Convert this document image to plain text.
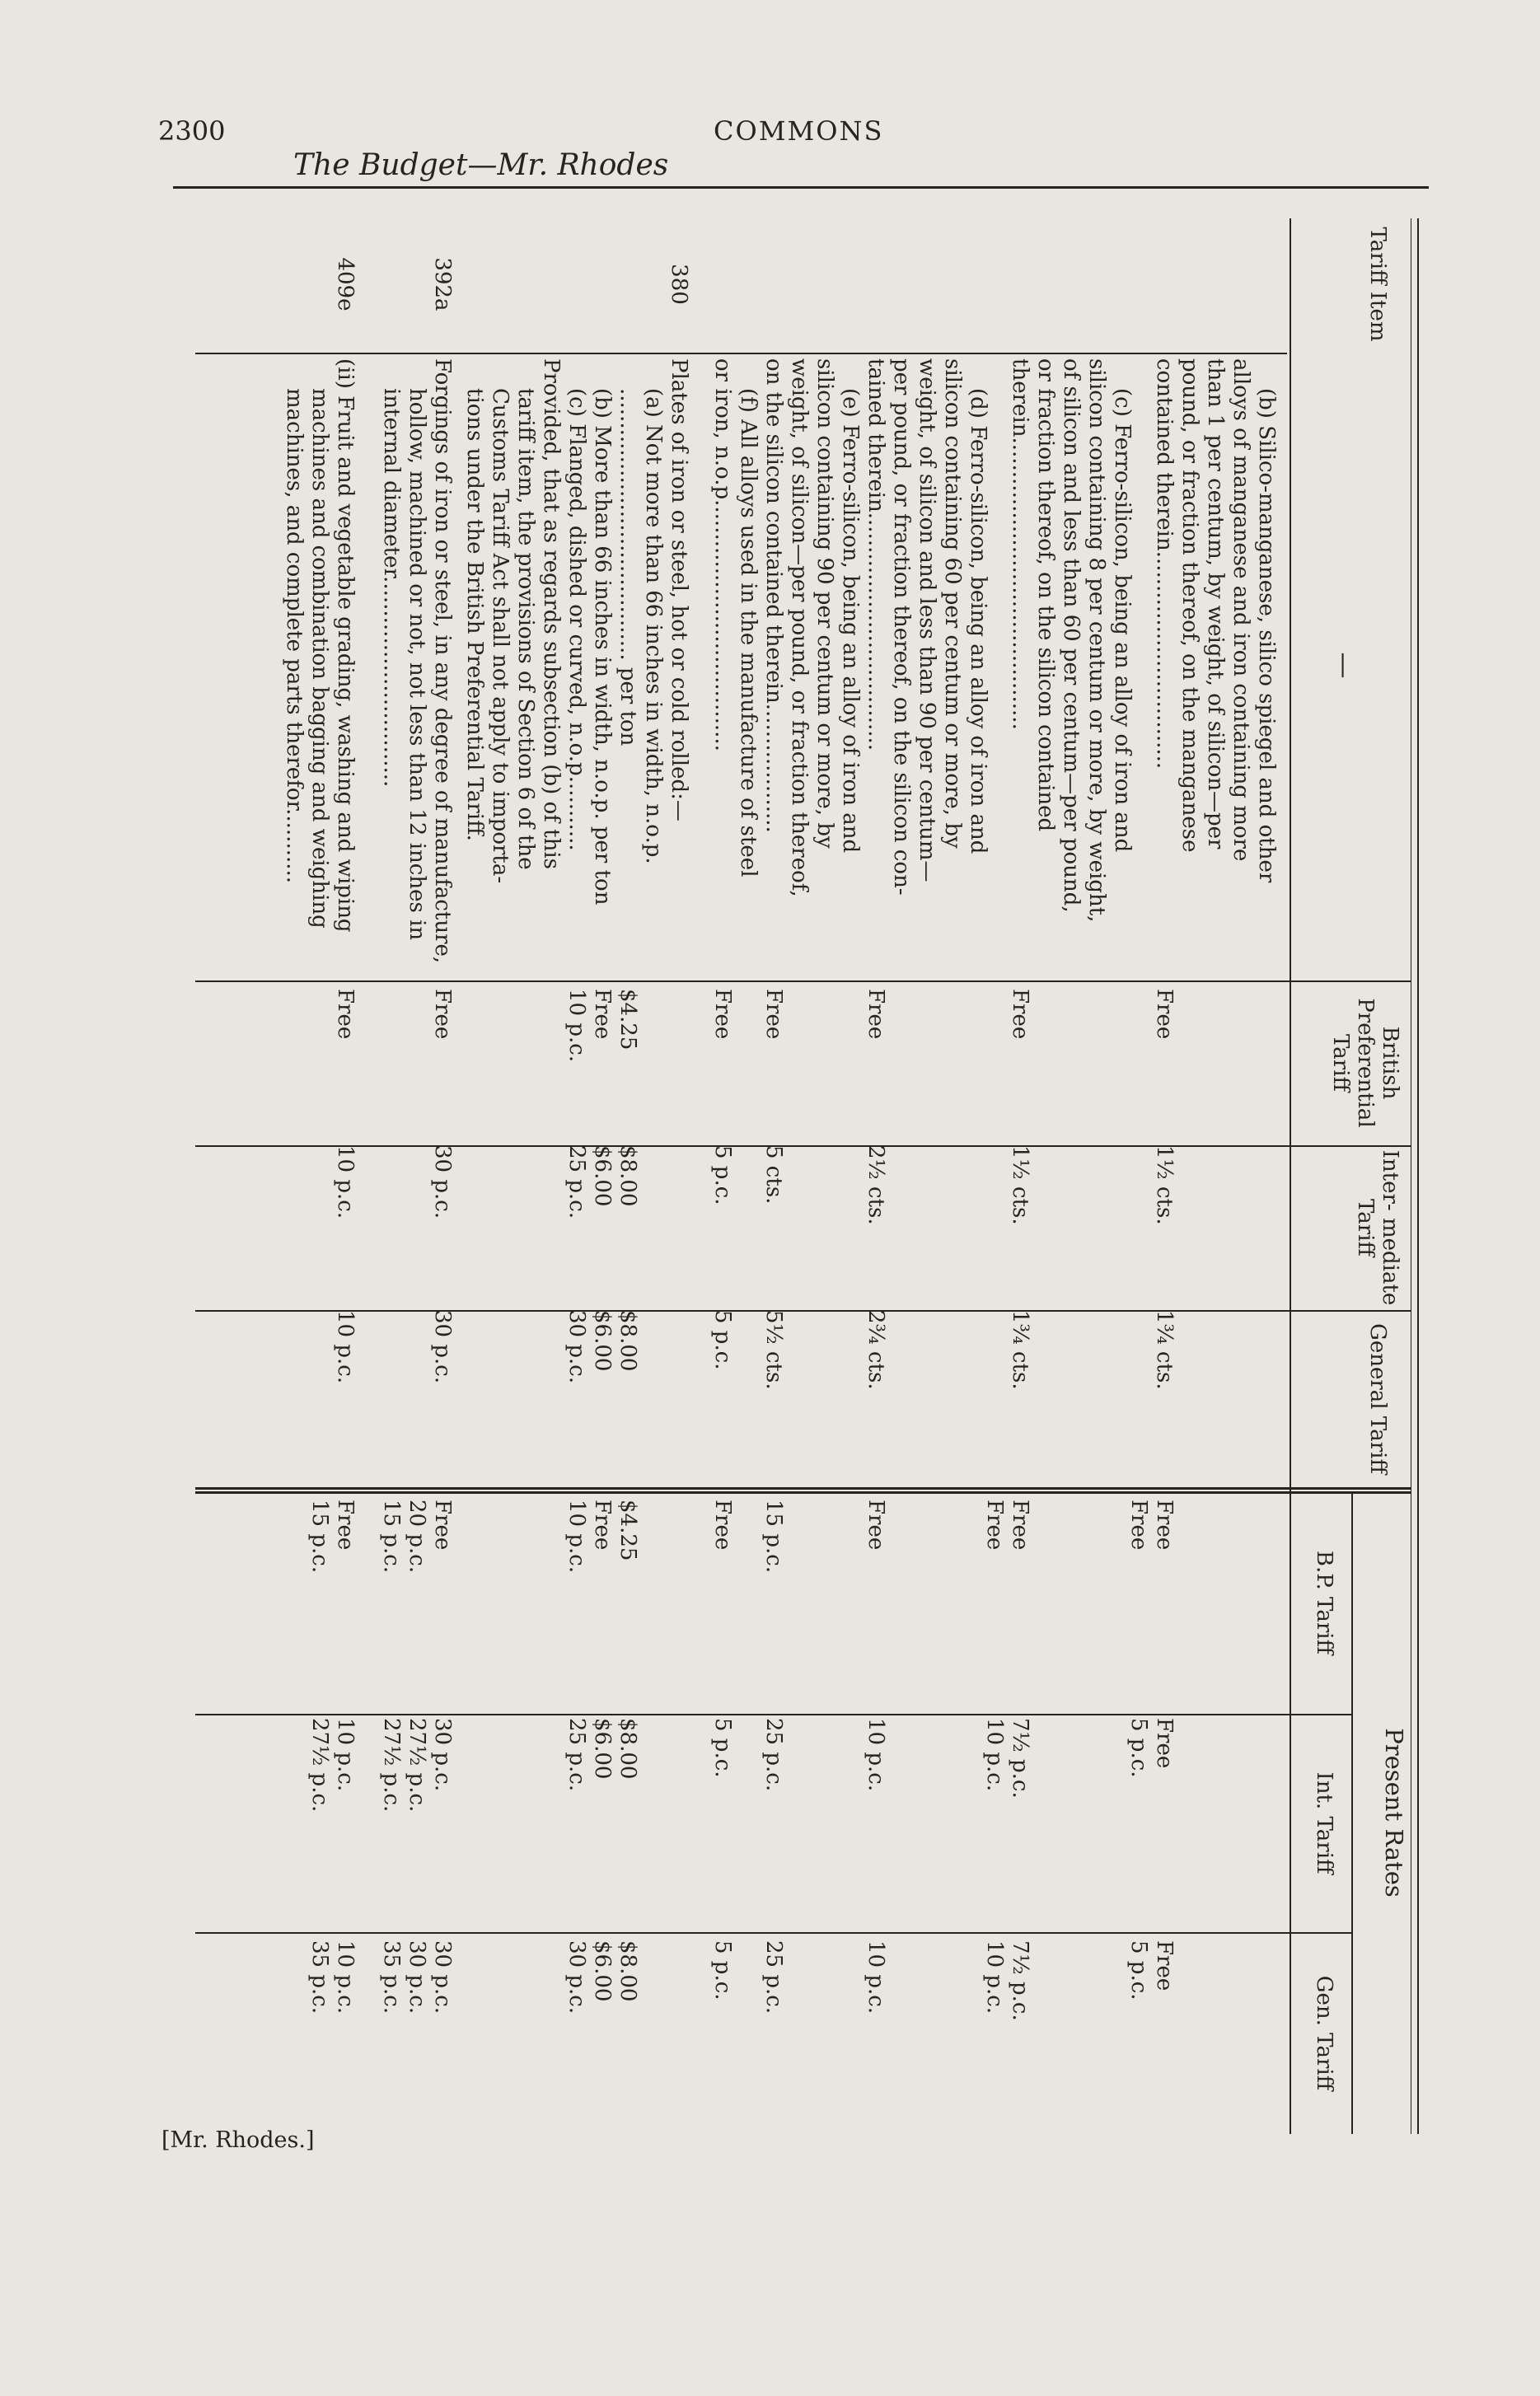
2300	COMMONS
The Budget—Mr. Rhodes
Tariff Item
—
British Preferential Tariff
Inter- mediate Tariff
General Tariff
Present Rates
B.P. Tariff
Int. Tariff
Gen. Tariff
(b) Silico-manganese, silico spiegel and other
alloys of manganese and iron containing more
than 1 per centum, by weight, of silicon—per
pound, or fraction thereof, on the manganese
contained therein................................
Free
1½ cts.
1¾ cts.
Free
Free
Free
5 p.c.
Free
5 p.c.
(c) Ferro-silicon, being an alloy of iron and
silicon containing 8 per centum or more, by weight,
of silicon and less than 60 per centum—per pound,
or fraction thereof, on the silicon contained
therein...........................................
Free
1½ cts.
1¾ cts.
Free
Free
7½ p.c.
10 p.c.
7½ p.c.
10 p.c.
(d) Ferro-silicon, being an alloy of iron and
silicon containing 60 per centum or more, by
weight, of silicon and less than 90 per centum—
per pound, or fraction thereof, on the silicon con-
tained therein...................................
Free
2½ cts.
2¾ cts.
Free
10 p.c.
10 p.c.
(e) Ferro-silicon, being an alloy of iron and
silicon containing 90 per centum or more, by
weight, of silicon—per pound, or fraction thereof,
on the silicon contained therein...................
Free
5 cts.
5½ cts.
15 p.c.
25 p.c.
25 p.c.
(f) All alloys used in the manufacture of steel
or iron, n.o.p.....................................
Free
5 p.c.
5 p.c.
Free
5 p.c.
5 p.c.
380
Plates of iron or steel, hot or cold rolled:—
(a) Not more than 66 inches in width, n.o.p.
........................................ per ton
(b) More than 66 inches in width, n.o.p. per ton
(c) Flanged, dished or curved, n.o.p...........
Provided, that as regards subsection (b) of this
tariff item, the provisions of Section 6 of the
Customs Tariff Act shall not apply to importa-
tions under the British Preferential Tariff.
$4.25
Free
10 p.c.
$8.00
$6.00
25 p.c.
$8.00
$6.00
30 p.c.
$4.25
Free
10 p.c.
$8.00
$6.00
25 p.c.
$8.00
$6.00
30 p.c.
392a
Forgings of iron or steel, in any degree of manufacture,
hollow, machined or not, not less than 12 inches in
internal diameter...............................
Free
30 p.c.
30 p.c.
Free
20 p.c.
15 p.c.
30 p.c.
27½ p.c.
27½ p.c.
30 p.c.
30 p.c.
35 p.c.
409e
(ii) Fruit and vegetable grading, washing and wiping
machines and combination bagging and weighing
machines, and complete parts therefor...........
Free
10 p.c.
10 p.c.
Free
15 p.c.
10 p.c.
27½ p.c.
10 p.c.
35 p.c.
[Mr. Rhodes.]
